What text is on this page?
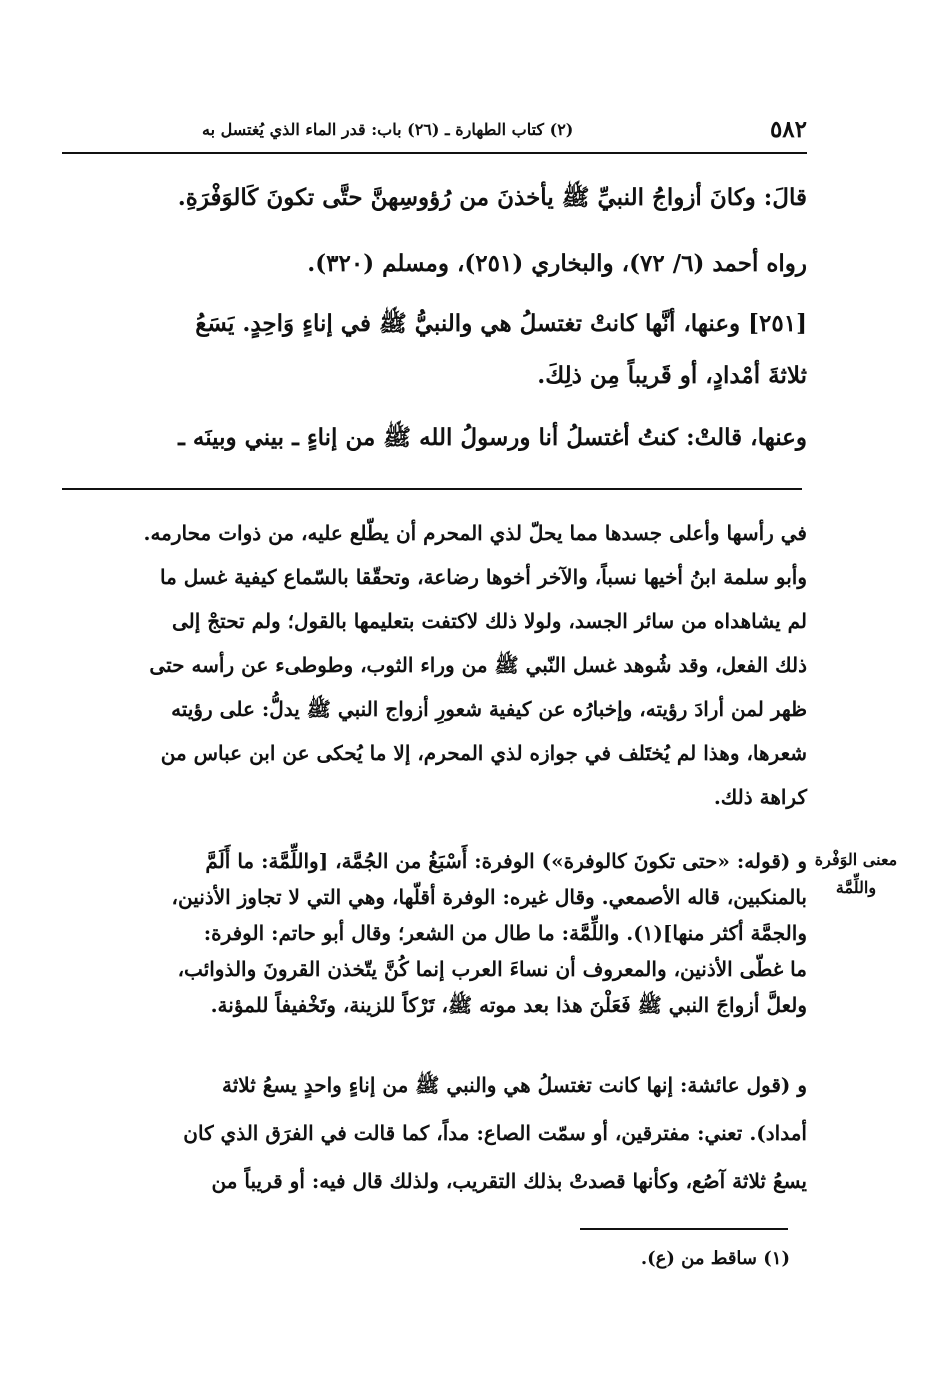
٥٨٢
(٢) كتاب الطهارة ـ (٢٦) باب: قدر الماء الذي يُغتسل به
قالَ: وكانَ أزواجُ النبيِّ ﷺ يأخذنَ من رُؤوسِهنَّ حتَّى تكونَ كَالوَفْرَةِ.
رواه أحمد (٦/ ٧٢)، والبخاري (٢٥١)، ومسلم (٣٢٠).
[٢٥١] وعنها، أنَّها كانتْ تغتسلُ هي والنبيُّ ﷺ في إناءٍ وَاحِدٍ. يَسَعُ
ثلاثةَ أمْدادٍ، أو قَريباً مِن ذلِكَ.
وعنها، قالتْ: كنتُ أغتسلُ أنا ورسولُ الله ﷺ من إناءٍ ـ بيني وبينَه ـ
في رأسها وأعلى جسدها مما يحلّ لذي المحرم أن يطّلع عليه، من ذوات محارمه.
وأبو سلمة ابنُ أخيها نسباً، والآخر أخوها رضاعة، وتحقّقا بالسّماع كيفية غسل ما
لم يشاهداه من سائر الجسد، ولولا ذلك لاكتفت بتعليمها بالقول؛ ولم تحتجْ إلى
ذلك الفعل، وقد شُوهد غسل النّبي ﷺ من وراء الثوب، وطوطىء عن رأسه حتى
ظهر لمن أرادَ رؤيته، وإخبارُه عن كيفية شعورِ أزواج النبي ﷺ يدلُّ: على رؤيته
شعرها، وهذا لم يُختَلف في جوازه لذي المحرم، إلا ما يُحكى عن ابن عباس من
كراهة ذلك.
معنى الوَفْرة واللِّمَّة
و (قوله: «حتى تكونَ كالوفرة») الوفرة: أَسْبَغُ من الجُمَّة، [واللِّمَّة: ما أَلَمَّ
بالمنكبين، قاله الأصمعي. وقال غيره: الوفرة أقلّها، وهي التي لا تجاوز الأذنين،
والجمَّة أكثر منها](١). واللِّمَّة: ما طال من الشعر؛ وقال أبو حاتم: الوفرة:
ما غطّى الأذنين، والمعروف أن نساءَ العرب إنما كُنَّ يتّخذن القرونَ والذوائب،
ولعلَّ أزواجَ النبي ﷺ فَعَلْنَ هذا بعد موته ﷺ، تَرْكاً للزينة، وتَخْفيفاً للمؤنة.
و (قول عائشة: إنها كانت تغتسلُ هي والنبي ﷺ من إناءٍ واحدٍ يسعُ ثلاثة
أمداد). تعني: مفترقين، أو سمّت الصاع: مداً، كما قالت في الفرَق الذي كان
يسعُ ثلاثة آصُع، وكأنها قصدتْ بذلك التقريب، ولذلك قال فيه: أو قريباً من
(١) ساقط من (ع).
